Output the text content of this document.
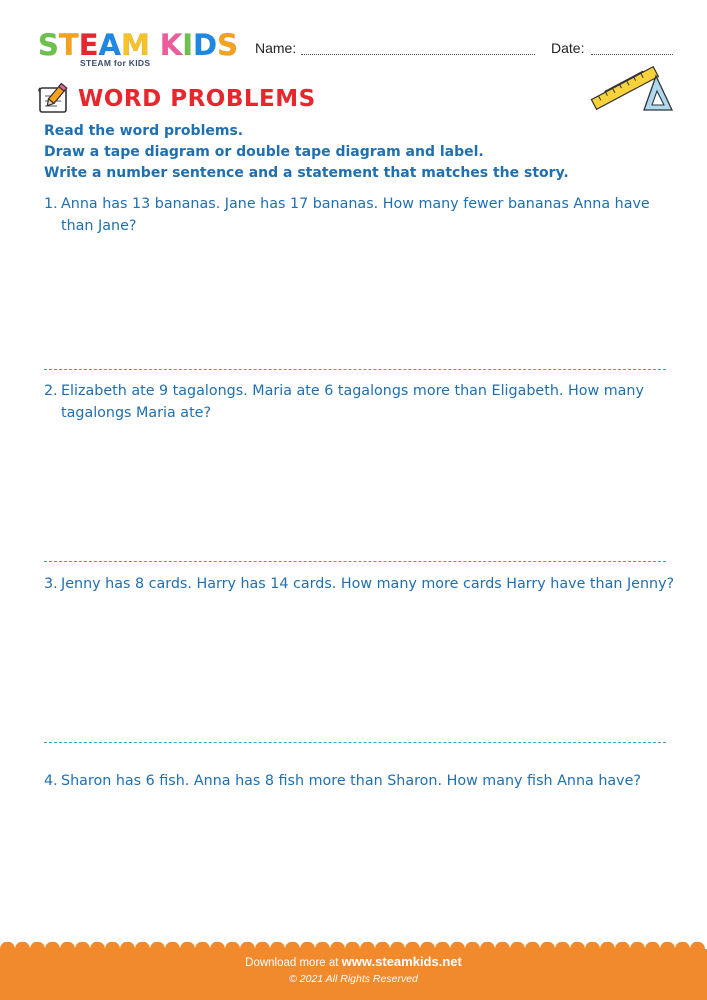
S T E A M K I D S
STEAM for KIDS
Name:	Date:
WORD PROBLEMS
Read the word problems.
Draw a tape diagram or double tape diagram and label.
Write a number sentence and a statement that matches the story.
1. Anna has 13 bananas. Jane has 17 bananas. How many fewer bananas Anna have than Jane?
2. Elizabeth ate 9 tagalongs. Maria ate 6 tagalongs more than Eligabeth. How many tagalongs Maria ate?
3. Jenny has 8 cards. Harry has 14 cards. How many more cards Harry have than Jenny?
4. Sharon has 6 fish. Anna has 8 fish more than Sharon. How many fish Anna have?
Download more at www.steamkids.net
© 2021 All Rights Reserved
